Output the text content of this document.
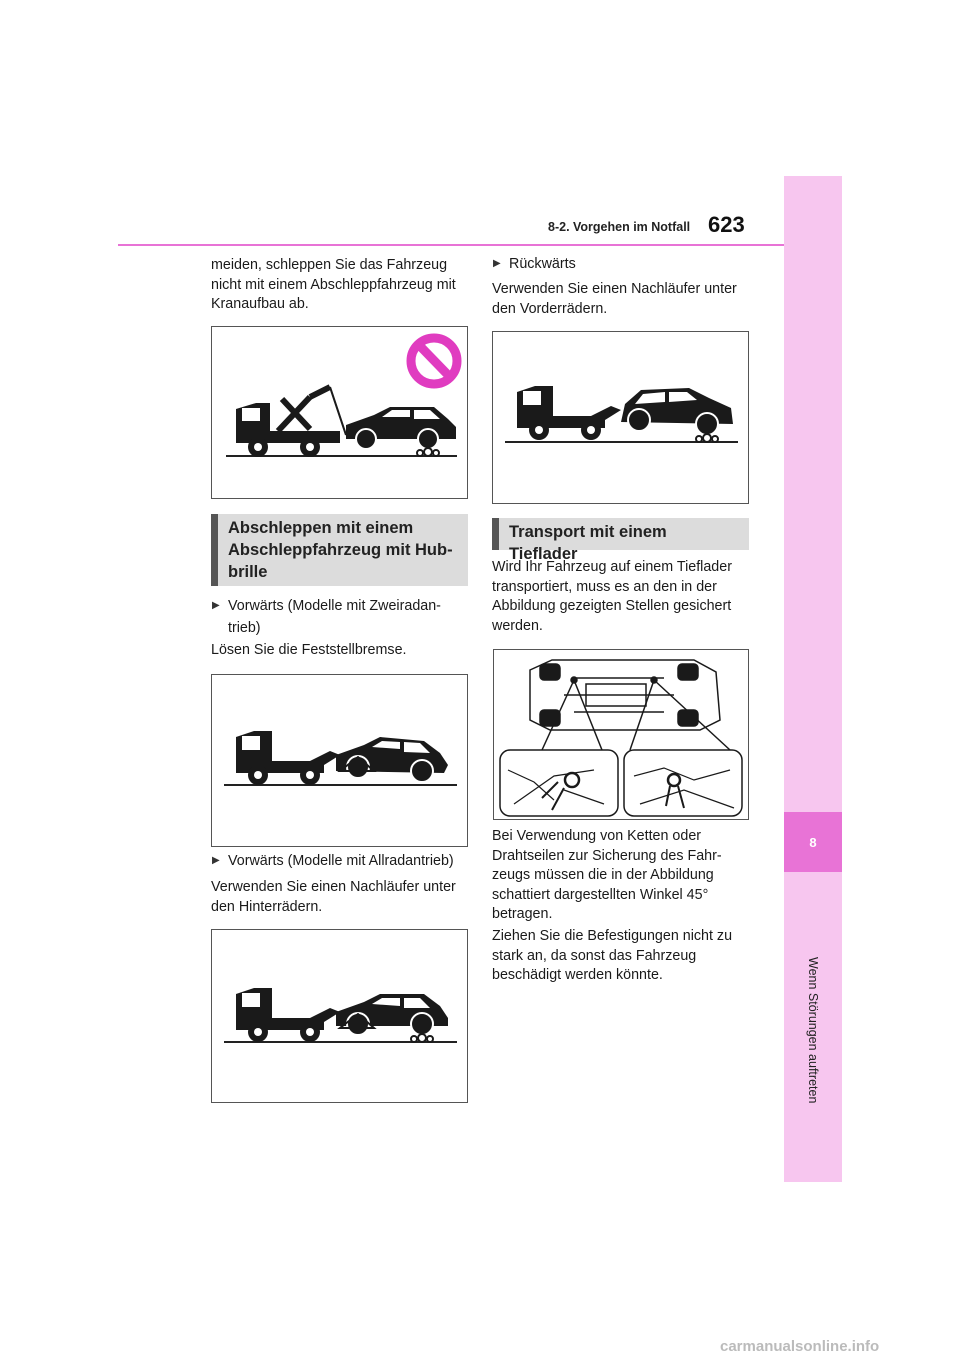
8
Wenn Störungen auftreten
8-2. Vorgehen im Notfall 623
meiden, schleppen Sie das Fahrzeug nicht mit einem Abschleppfahrzeug mit Kranaufbau ab.
Abschleppen mit einem Abschleppfahrzeug mit Hub-brille
▶ Vorwärts (Modelle mit Zweiradan-trieb)
Lösen Sie die Feststellbremse.
▶ Vorwärts (Modelle mit Allradantrieb)
Verwenden Sie einen Nachläufer unter den Hinterrädern.
▶ Rückwärts
Verwenden Sie einen Nachläufer unter den Vorderrädern.
Transport mit einem Tieflader
Wird Ihr Fahrzeug auf einem Tieflader transportiert, muss es an den in der Abbildung gezeigten Stellen gesichert werden.
Bei Verwendung von Ketten oder Drahtseilen zur Sicherung des Fahr-zeugs müssen die in der Abbildung schattiert dargestellten Winkel 45° betragen.
Ziehen Sie die Befestigungen nicht zu stark an, da sonst das Fahrzeug beschädigt werden könnte.
carmanualsonline.info
